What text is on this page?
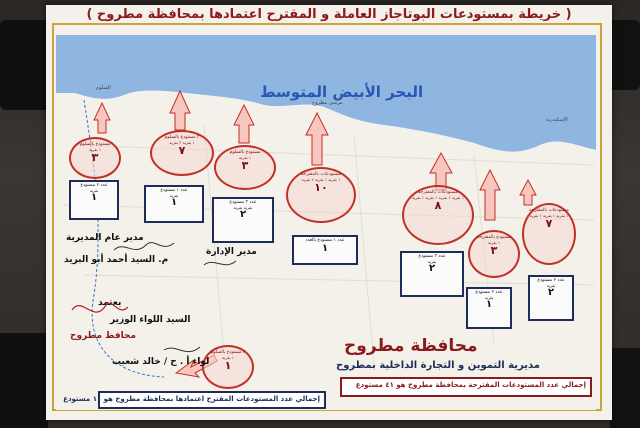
( خريطة بمستودعات البوتاجاز العاملة و المقترح اعتمادها بمحافظة مطروح )
البحر الأبيض المتوسط
مرسى مطروح
الإسكندرية
السلوم
مستودع بالسلوم
١ بقرية
٣
٣ مستودع بالسلوم
١ بقرية ٢ بقرية
٧	مستودع بالسلوم
١ بقرية
٣
مستودعات بالمقترحة
١ بقرية ١ بقرية ٢ بقرية
١٠	مستودعات بالمقترحة
١ بقرية ١ بقرية ١ بقرية ١ بقرية
٨
مستودع بالمقترحة
١ بقرية
٣
مستودعات بالمقترحة
١ بقرية ١ بقرية ١ بقرية
٧
٣ مستودع بالسلوم
١ بقرية
١
عدد ٢ مستودع
بقرية
١
عدد ١ مستودع
بقرية
١	عدد ٣ مستودع
بقرية بقرية
٢
عدد ١ مستودع بالعدد
١
عدد ٣ مستودع
بقرية
٢
عدد ٢ مستودع
بقرية
١
عدد ٢ مستودع
بقرية
٢
مدير عام المديرية
م. السيد أحمد أبو البريد
مدير الإدارة
يعتمد
السيد اللواء الوزير
محافظ مطروح
لواء أ . ح / خالد شعيب
محافظة مطروح
مديرية التموين و التجارة الداخلية بمطروح
إجمالي عدد المستودعات المقترح اعتمادها بمحافظة مطروح هو ١٠ مستودع
إجمالي عدد المستودعات المقترحة بمحافظة مطروح هو ٤١ مستودع
